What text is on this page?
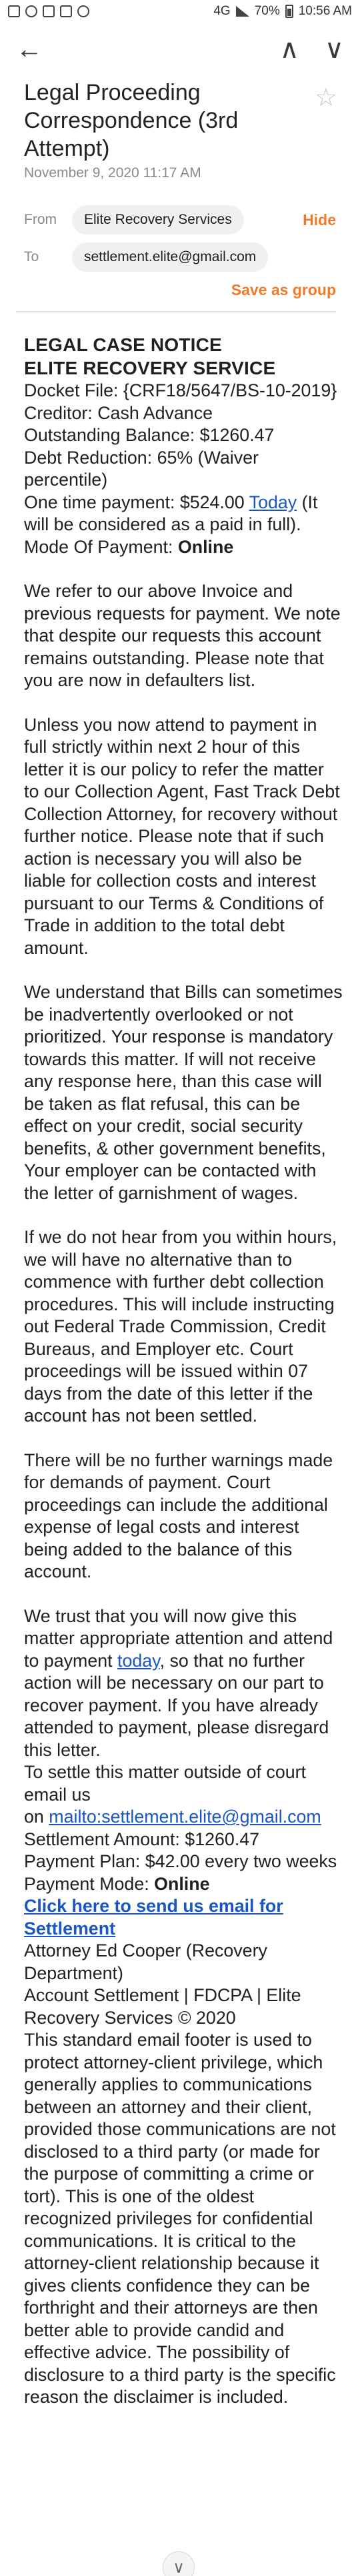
4G 70% 10:56 AM
←	∧ ∨
Legal Proceeding Correspondence (3rd Attempt)
☆
November 9, 2020 11:17 AM
From	Elite Recovery Services	Hide
To	settlement.elite@gmail.com
Save as group

LEGAL CASE NOTICE
ELITE RECOVERY SERVICE
Docket File: {CRF18/5647/BS-10-2019}
Creditor: Cash Advance
Outstanding Balance: $1260.47
Debt Reduction: 65% (Waiver percentile)
One time payment: $524.00 Today (It will be considered as a paid in full).
Mode Of Payment: Online

We refer to our above Invoice and previous requests for payment. We note that despite our requests this account remains outstanding. Please note that you are now in defaulters list.

Unless you now attend to payment in full strictly within next 2 hour of this letter it is our policy to refer the matter to our Collection Agent, Fast Track Debt Collection Attorney, for recovery without further notice. Please note that if such action is necessary you will also be liable for collection costs and interest pursuant to our Terms & Conditions of Trade in addition to the total debt amount.

We understand that Bills can sometimes be inadvertently overlooked or not prioritized. Your response is mandatory towards this matter. If will not receive any response here, than this case will be taken as flat refusal, this can be effect on your credit, social security benefits, & other government benefits, Your employer can be contacted with the letter of garnishment of wages.

If we do not hear from you within hours, we will have no alternative than to commence with further debt collection procedures. This will include instructing out Federal Trade Commission, Credit Bureaus, and Employer etc. Court proceedings will be issued within 07 days from the date of this letter if the account has not been settled.

There will be no further warnings made for demands of payment. Court proceedings can include the additional expense of legal costs and interest being added to the balance of this account.

We trust that you will now give this matter appropriate attention and attend to payment today, so that no further action will be necessary on our part to recover payment. If you have already attended to payment, please disregard this letter.
To settle this matter outside of court email us
on mailto:settlement.elite@gmail.com
Settlement Amount: $1260.47
Payment Plan: $42.00 every two weeks
Payment Mode: Online
Click here to send us email for Settlement
Attorney Ed Cooper (Recovery Department)
Account Settlement | FDCPA | Elite Recovery Services © 2020
This standard email footer is used to protect attorney-client privilege, which generally applies to communications between an attorney and their client, provided those communications are not disclosed to a third party (or made for the purpose of committing a crime or tort). This is one of the oldest recognized privileges for confidential communications. It is critical to the attorney-client relationship because it gives clients confidence they can be forthright and their attorneys are then better able to provide candid and effective advice. The possibility of disclosure to a third party is the specific reason the disclaimer is included.

∨
